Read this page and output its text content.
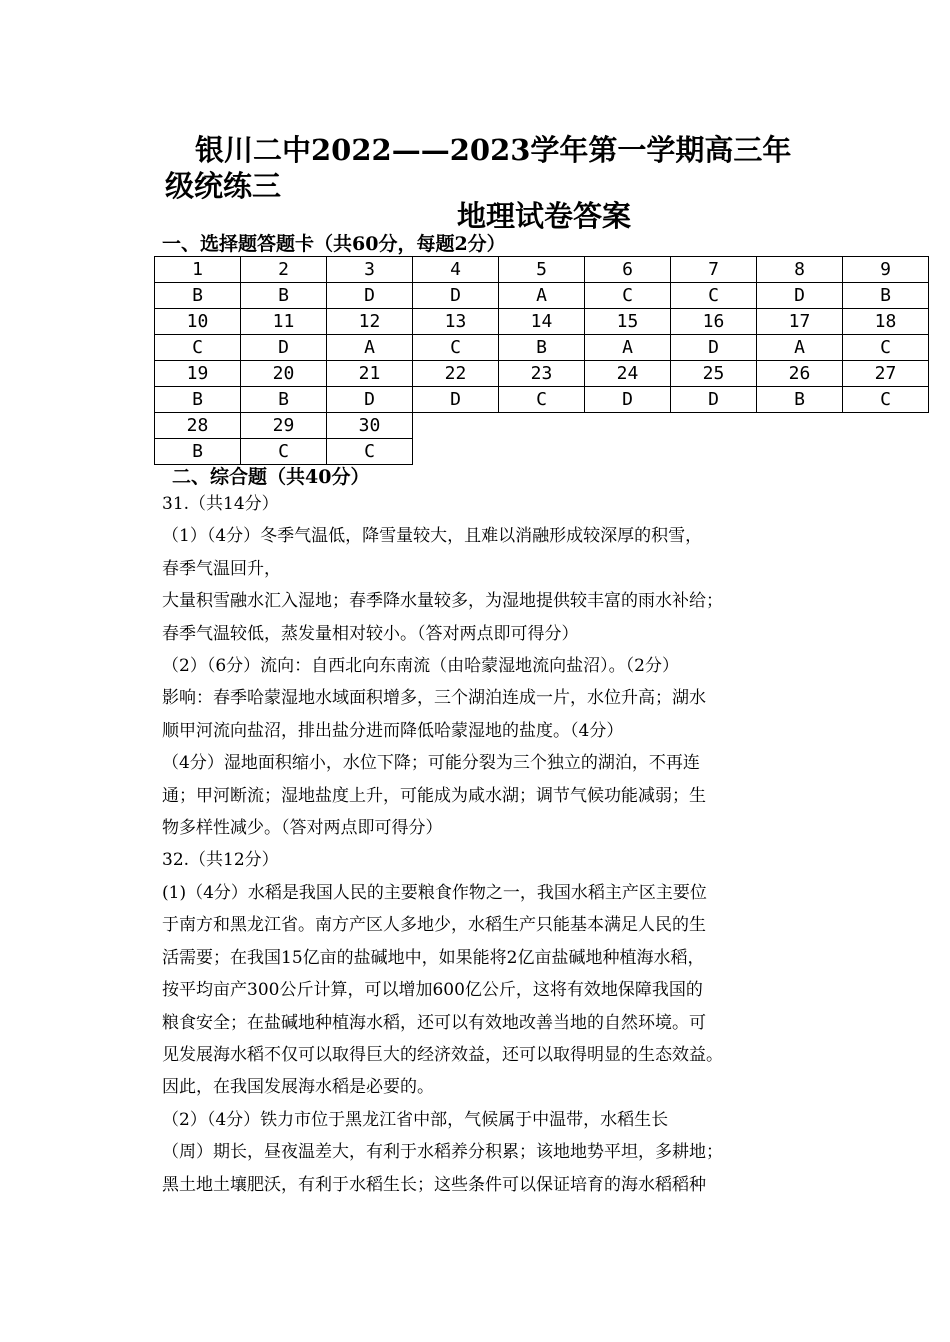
银川二中2022——2023学年第一学期高三年
级统练三
地理试卷答案
一、选择题答题卡（共60分，每题2分）
1	2	3	4	5	6	7	8	9
B	B	D	D	A	C	C	D	B
10	11	12	13	14	15	16	17	18
C	D	A	C	B	A	D	A	C
19	20	21	22	23	24	25	26	27
B	B	D	D	C	D	D	B	C
28	29	30						
B	C	C						
二、综合题（共40分）

31.（共14分）

（1）（4分）冬季气温低，降雪量较大，且难以消融形成较深厚的积雪，

春季气温回升，

大量积雪融水汇入湿地；春季降水量较多，为湿地提供较丰富的雨水补给；

春季气温较低，蒸发量相对较小。（答对两点即可得分）

（2）（6分）流向：自西北向东南流（由哈蒙湿地流向盐沼）。（2分）

影响：春季哈蒙湿地水域面积增多，三个湖泊连成一片，水位升高；湖水

顺甲河流向盐沼，排出盐分进而降低哈蒙湿地的盐度。（4分）

（4分）湿地面积缩小，水位下降；可能分裂为三个独立的湖泊，不再连

通；甲河断流；湿地盐度上升，可能成为咸水湖；调节气候功能减弱；生

物多样性减少。（答对两点即可得分）

32.（共12分）

(1)（4分）水稻是我国人民的主要粮食作物之一，我国水稻主产区主要位

于南方和黑龙江省。南方产区人多地少，水稻生产只能基本满足人民的生

活需要；在我国15亿亩的盐碱地中，如果能将2亿亩盐碱地种植海水稻，

按平均亩产300公斤计算，可以增加600亿公斤，这将有效地保障我国的

粮食安全；在盐碱地种植海水稻，还可以有效地改善当地的自然环境。可

见发展海水稻不仅可以取得巨大的经济效益，还可以取得明显的生态效益。

因此，在我国发展海水稻是必要的。

（2）（4分）铁力市位于黑龙江省中部，气候属于中温带，水稻生长

（周）期长，昼夜温差大，有利于水稻养分积累；该地地势平坦，多耕地；

黑土地土壤肥沃，有利于水稻生长；这些条件可以保证培育的海水稻稻种
